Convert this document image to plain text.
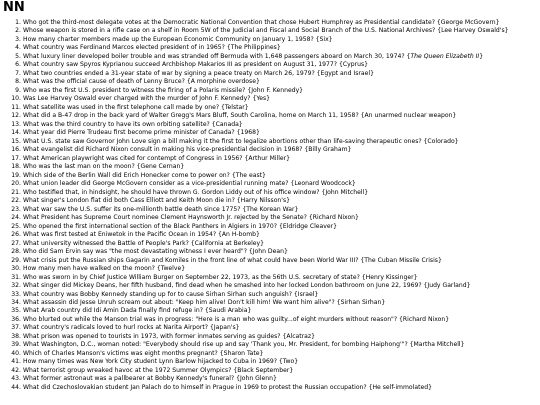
NN
1. Who got the third-most delegate votes at the Democratic National Convention that chose Hubert Humphrey as Presidential candidate? {George McGovern}
2. Whose weapon is stored in a rifle case on a shelf in Room 5W of the Judicial and Fiscal and Social Branch of the U.S. National Archives? {Lee Harvey Oswald's}
3. How many charter members made up the European Economic Community on January 1, 1958? {Six}
4. What country was Ferdinand Marcos elected president of in 1965? {The Philippines}
5. What luxury liner developed boiler trouble and was stranded off Bermuda with 1,648 passengers aboard on March 30, 1974? {The Queen Elizabeth II}
6. What country saw Spyros Kyprianou succeed Archbishop Makarios III as president on August 31, 1977? {Cyprus}
7. What two countries ended a 31-year state of war by signing a peace treaty on March 26, 1979? {Egypt and Israel}
8. What was the official cause of death of Lenny Bruce? {A morphine overdose}
9. Who was the first U.S. president to witness the firing of a Polaris missile? {John F. Kennedy}
10. Was Lee Harvey Oswald ever charged with the murder of John F. Kennedy? {Yes}
11. What satellite was used in the first telephone call made by one? {Telstar}
12. What did a B-47 drop in the back yard of Walter Gregg's Mars Bluff, South Carolina, home on March 11, 1958? {An unarmed nuclear weapon}
13. What was the third country to have its own orbiting satellite? {Canada}
14. What year did Pierre Trudeau first become prime minister of Canada? {1968}
15. What U.S. state saw Governor John Love sign a bill making it the first to legalize abortions other than life-saving therapeutic ones? {Colorado}
16. What evangelist did Richard Nixon consult in making his vice-presidential decision in 1968? {Billy Graham}
17. What American playwright was cited for contempt of Congress in 1956? {Arthur Miller}
18. Who was the last man on the moon? {Gene Cernan}
19. Which side of the Berlin Wall did Erich Honecker come to power on? {The east}
20. What union leader did George McGovern consider as a vice-presidential running mate? {Leonard Woodcock}
21. Who testified that, in hindsight, he should have thrown G. Gordon Liddy out of his office window? {John Mitchell}
22. What singer's London flat did both Cass Elliott and Keith Moon die in? {Harry Nilsson's}
23. What war saw the U.S. suffer its one-millionth battle death since 1775? {The Korean War}
24. What President has Supreme Court nominee Clement Haynsworth Jr. rejected by the Senate? {Richard Nixon}
25. Who opened the first international section of the Black Panthers in Algiers in 1970? {Eldridge Cleaver}
26. What was first tested at Eniwetok in the Pacific Ocean in 1954? {An H-bomb}
27. What university witnessed the Battle of People's Park? {California at Berkeley}
28. Who did Sam Ervin say was "the most devastating witness I ever heard"? {John Dean}
29. What crisis put the Russian ships Gagarin and Komiles in the front line of what could have been World War III? {The Cuban Missile Crisis}
30. How many men have walked on the moon? {Twelve}
31. Who was sworn in by Chief Justice William Burger on September 22, 1973, as the 56th U.S. secretary of state? {Henry Kissinger}
32. What singer did Mickey Deans, her fifth husband, find dead when he smashed into her locked London bathroom on June 22, 1969? {Judy Garland}
33. What country was Bobby Kennedy standing up for to cause Sirhan Sirhan such anguish? {Israel}
34. What assassin did Jesse Unruh scream out about: "Keep him alive! Don't kill him! We want him alive"? {Sirhan Sirhan}
35. What Arab country did Idi Amin Dada finally find refuge in? {Saudi Arabia}
36. Who blurted out while the Manson trial was in progress: "Here is a man who was guilty...of eight murders without reason"? {Richard Nixon}
37. What country's radicals loved to hurl rocks at Narita Airport? {Japan's}
38. What prison was opened to tourists in 1973, with former inmates serving as guides? {Alcatraz}
39. What Washington, D.C., woman noted: "Everybody should rise up and say 'Thank you, Mr. President, for bombing Haiphong'"? {Martha Mitchell}
40. Which of Charles Manson's victims was eight months pregnant? {Sharon Tate}
41. How many times was New York City student Lynn Barlow hijacked to Cuba in 1969? {Two}
42. What terrorist group wreaked havoc at the 1972 Summer Olympics? {Black September}
43. What former astronaut was a pallbearer at Bobby Kennedy's funeral? {John Glenn}
44. What did Czechoslovakian student Jan Palach do to himself in Prague in 1969 to protest the Russian occupation? {He self-immolated}
